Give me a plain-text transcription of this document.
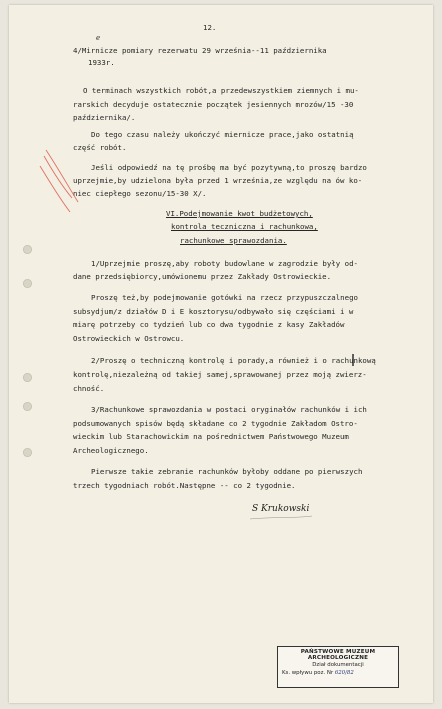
12.
4/Mirnicze pomiary rezerwatu 29 września--11 października
1933r.
O terminach wszystkich robót,a przedewszystkiem ziemnych i mu-
rarskich decyduje ostatecznie początek jesiennych mrozów/15 -30
października/.
Do tego czasu należy ukończyć miernicze prace,jako ostatnią
część robót.
Jeśli odpowiedź na tę prośbę ma być pozytywną,to proszę bardzo
uprzejmie,by udzielona była przed 1 września,ze względu na ów ko-
niec ciepłego sezonu/15-30 X/.
VI.Podejmowanie kwot budżetowych,
kontrola teczniczna i rachunkowa,
rachunkowe sprawozdania.
1/Uprzejmie proszę,aby roboty budowlane w zagrodzie były od-
dane przedsiębiorcy,umówionemu przez Zakłady Ostrowieckie.
Proszę też,by podejmowanie gotówki na rzecz przypuszczalnego
subsydjum/z działów D i E kosztorysu/odbywało się częściami i w
miarę potrzeby co tydzień lub co dwa tygodnie z kasy Zakładów
Ostrowieckich w Ostrowcu.
2/Proszę o techniczną kontrolę i porady,a również i o rachunkową
kontrolę,niezależną od takiej samej,sprawowanej przez moją zwierz-
chność.
3/Rachunkowe sprawozdania w postaci oryginałów rachunków i ich
podsumowanych spisów będą składane co 2 tygodnie Zakładom Ostro-
wieckim lub Starachowickim na pośrednictwem Państwowego Muzeum
Archeologicznego.
Pierwsze takie zebranie rachunków byłoby oddane po pierwszych
trzech tygodniach robót.Następne -- co 2 tygodnie.
S Krukowski
e
PAŃSTWOWE MUZEUM ARCHEOLOGICZNE
Dział dokumentacji
Ks. wpływu poz. Nr 620/82
